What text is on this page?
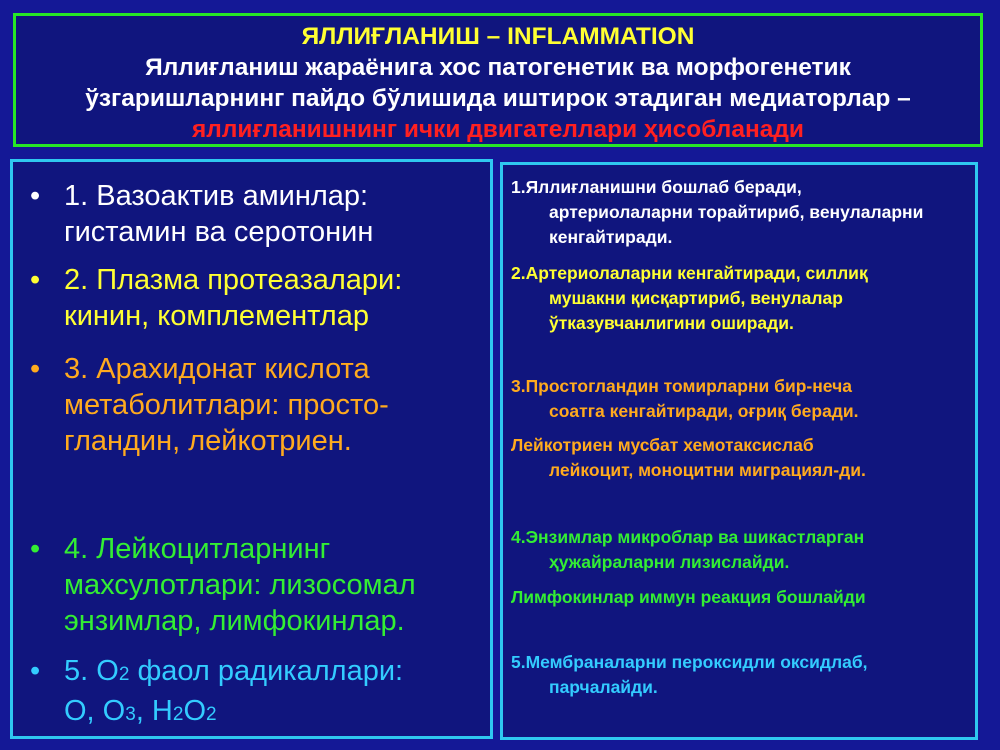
ЯЛЛИҒЛАНИШ – INFLAMMATION
Яллиғланиш жараёнига хос патогенетик ва морфогенетик
ўзгаришларнинг пайдо бўлишида иштирок этадиган медиаторлар –
яллиғланишнинг ички двигателлари ҳисобланади
• 1. Вазоактив аминлар: гистамин ва серотонин
• 2. Плазма протеазалари: кинин, комплементлар
• 3. Арахидонат кислота метаболитлари: просто-гландин, лейкотриен.
• 4. Лейкоцитларнинг махсулотлари: лизосомал энзимлар, лимфокинлар.
• 5. O2 фаол радикаллари:
O, O3, H2O2
1.Яллиғланишни бошлаб беради,
артериолаларни торайтириб, венулаларни кенгайтиради.
2.Артериолаларни кенгайтиради, силлиқ
мушакни қисқартириб, венулалар ўтказувчанлигини оширади.
3.Простогландин томирларни бир-неча
соатга кенгайтиради, оғриқ беради.
Лейкотриен мусбат хемотаксислаб
лейкоцит, моноцитни миграциял-ди.
4.Энзимлар микроблар ва шикастларган
ҳужайраларни лизислайди.
Лимфокинлар иммун реакция бошлайди
5.Мембраналарни пероксидли оксидлаб,
парчалайди.
